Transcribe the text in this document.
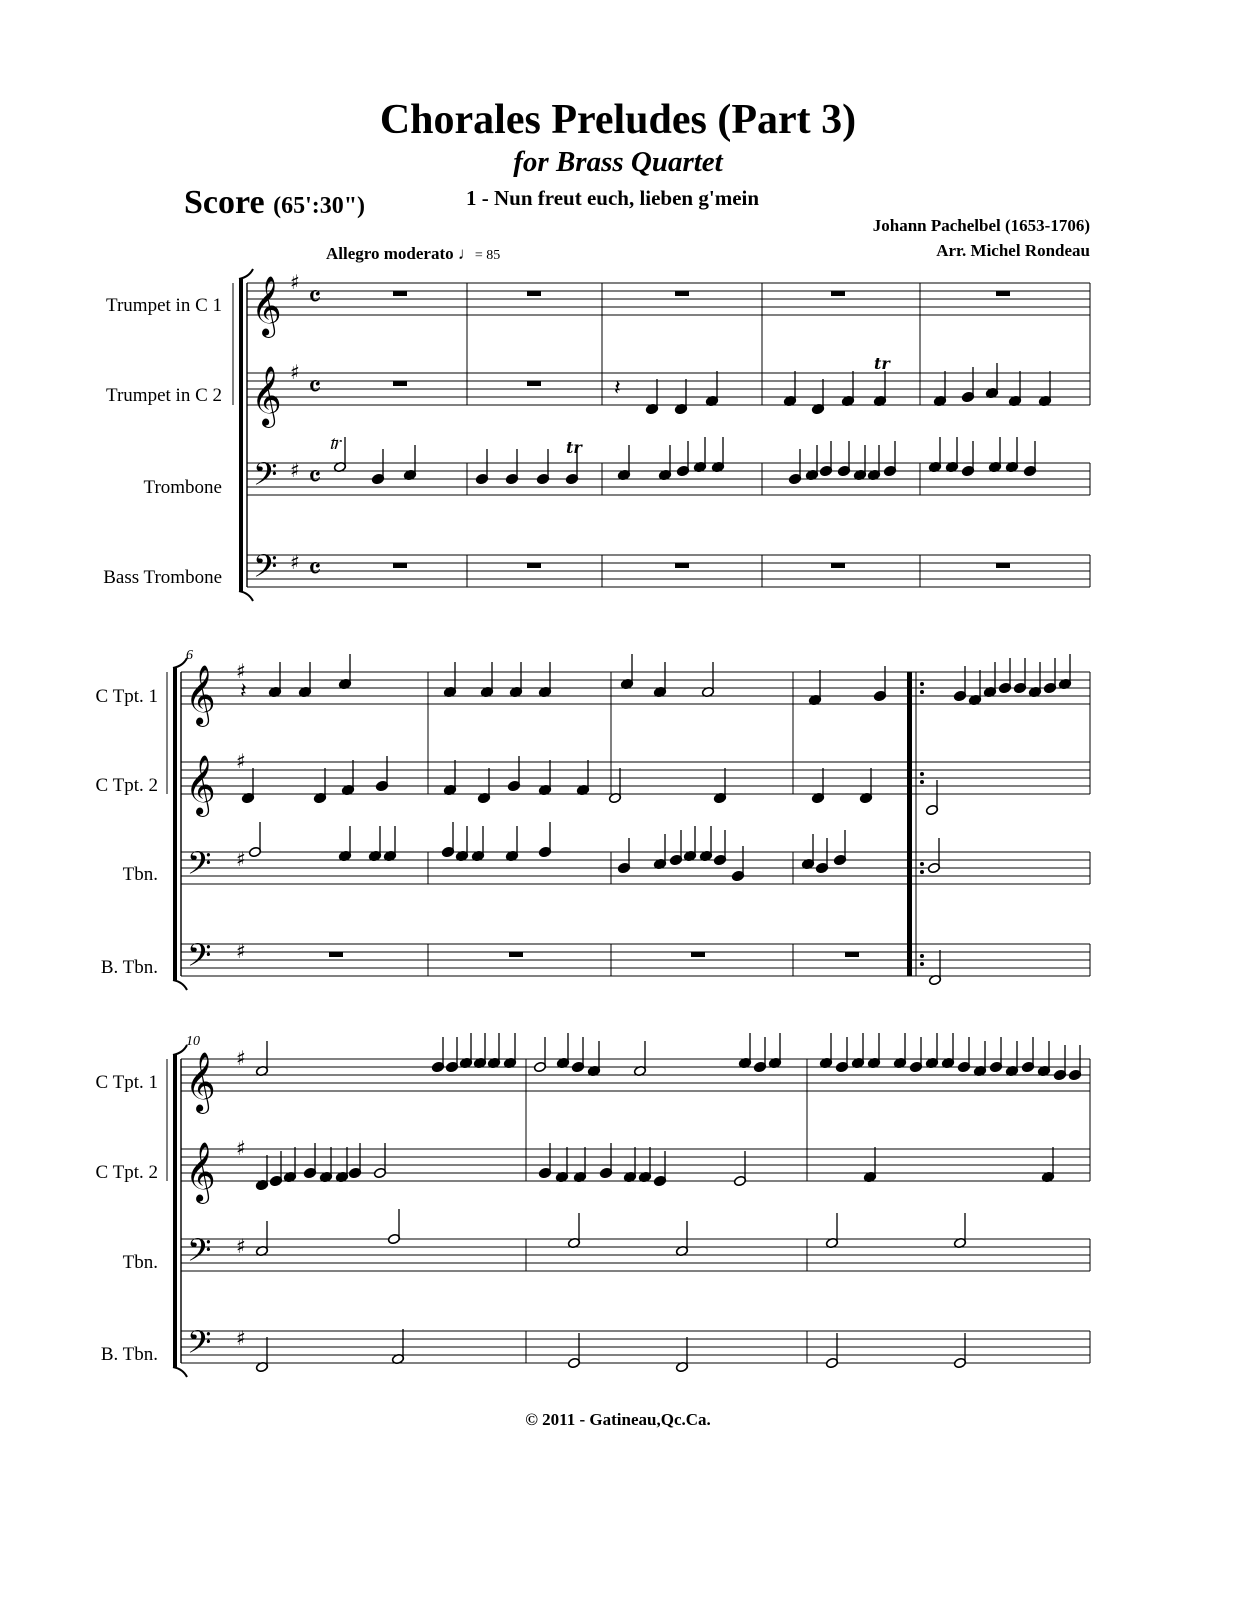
Chorales Preludes (Part 3)
for Brass Quartet
Score (65':30")	1 - Nun freut euch, lieben g'mein
Johann Pachelbel (1653-1706)
Arr. Michel Rondeau
Allegro moderato ♩= 85
Trumpet in C 1
Trumpet in C 2
Trombone
Bass Trombone
C Tpt. 1
C Tpt. 2
Tbn.
B. Tbn.
C Tpt. 1
C Tpt. 2
Tbn.
B. Tbn.
6
10
𝄞 ♯ 𝄴
𝄞 ♯ 𝄴
𝄢 ♯ 𝄴
𝄢 ♯ 𝄴
𝄞 ♯
𝄞 ♯
𝄢 ♯
𝄢 ♯
𝄞 ♯
𝄞 ♯
𝄢 ♯
𝄢 ♯
𝄽
tr
𝆖	tr
𝄽
© 2011 - Gatineau,Qc.Ca.
